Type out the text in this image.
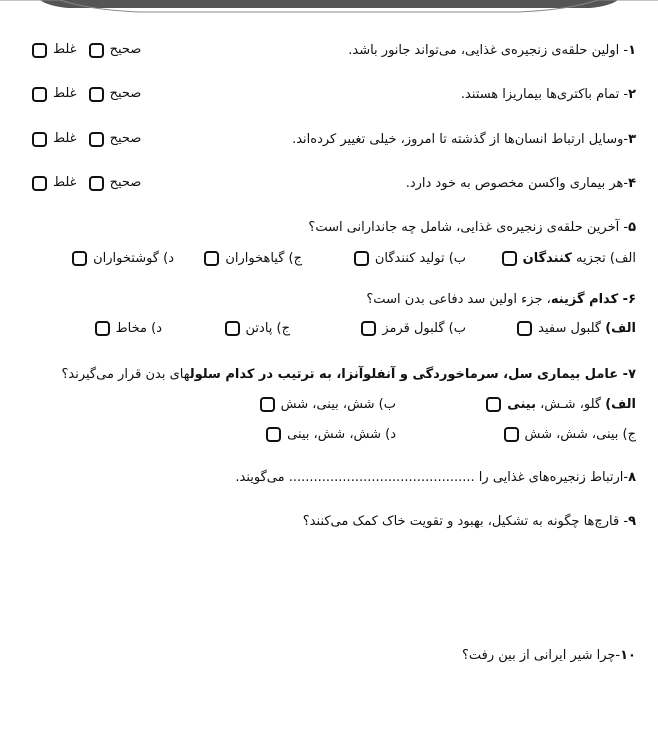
۱- اولین حلقه‌ی زنجیره‌ی غذایی، می‌تواند جانور باشد.
صحیح غلط
۲- تمام باکتری‌ها بیماریزا هستند.
صحیح غلط
۳-وسایل ارتباط انسان‌ها از گذشته تا امروز، خیلی تغییر کرده‌اند.
صحیح غلط
۴-هر بیماری واکسن مخصوص به خود دارد.
صحیح غلط
۵- آخرین حلقه‌ی زنجیره‌ی غذایی، شامل چه جاندارانی است؟
الف) تجزیه کنندگان
ب) تولید کنندگان
ج) گیاهخواران
د) گوشتخواران
۶- کدام گزینه، جزء اولین سد دفاعی بدن است؟
الف) گلبول سفید
ب) گلبول قرمز
ج) پادتن
د) مخاط
۷- عامل بیماری سل، سرماخوردگی و آنفلوآنزا، به ترتیب در کدام سلولهای بدن قرار می‌گیرند؟
الف) گلو، شـش، بینی
ب) شش، بینی، شش
ج) بینی، شش، شش
د) شش، شش، بینی
۸-ارتباط زنجیره‌های غذایی را ............................................. می‌گویند.
۹- قارچ‌ها چگونه به تشکیل، بهبود و تقویت خاک کمک می‌کنند؟
۱۰-چرا شیر ایرانی از بین رفت؟
